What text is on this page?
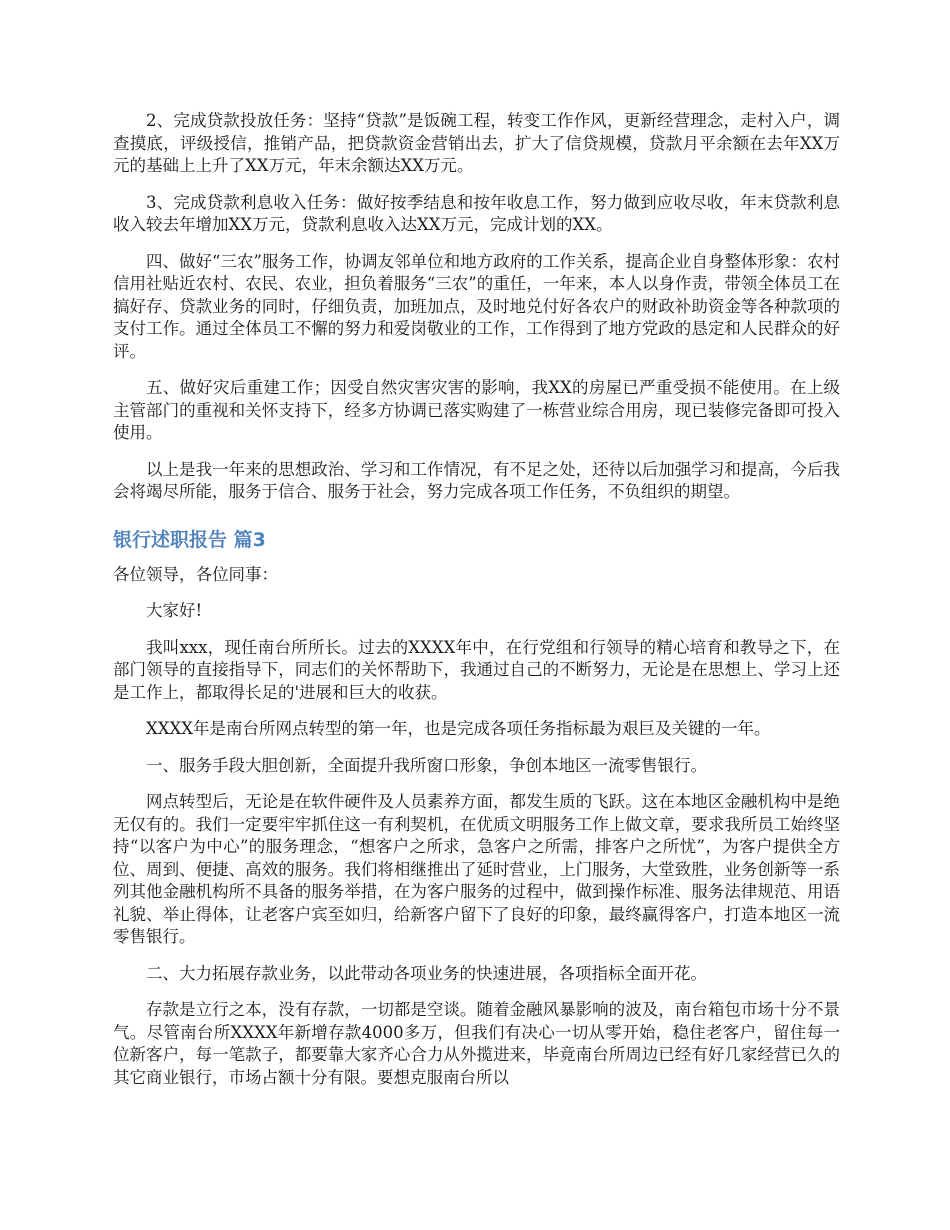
2、完成贷款投放任务：坚持“贷款”是饭碗工程，转变工作作风，更新经营理念，走村入户，调查摸底，评级授信，推销产品，把贷款资金营销出去，扩大了信贷规模，贷款月平余额在去年XX万元的基础上上升了XX万元，年末余额达XX万元。

3、完成贷款利息收入任务：做好按季结息和按年收息工作，努力做到应收尽收，年末贷款利息收入较去年增加XX万元，贷款利息收入达XX万元，完成计划的XX。

四、做好“三农”服务工作，协调友邻单位和地方政府的工作关系，提高企业自身整体形象：农村信用社贴近农村、农民、农业，担负着服务“三农”的重任，一年来，本人以身作责，带领全体员工在搞好存、贷款业务的同时，仔细负责，加班加点，及时地兑付好各农户的财政补助资金等各种款项的支付工作。通过全体员工不懈的努力和爱岗敬业的工作，工作得到了地方党政的恳定和人民群众的好评。

五、做好灾后重建工作；因受自然灾害灾害的影响，我XX的房屋已严重受损不能使用。在上级主管部门的重视和关怀支持下，经多方协调已落实购建了一栋营业综合用房，现已装修完备即可投入使用。

以上是我一年来的思想政治、学习和工作情况，有不足之处，还待以后加强学习和提高，今后我会将竭尽所能，服务于信合、服务于社会，努力完成各项工作任务，不负组织的期望。

银行述职报告 篇3

各位领导，各位同事：

大家好!

我叫xxx，现任南台所所长。过去的XXXX年中，在行党组和行领导的精心培育和教导之下，在部门领导的直接指导下，同志们的关怀帮助下，我通过自己的不断努力，无论是在思想上、学习上还是工作上，都取得长足的'进展和巨大的收获。

XXXX年是南台所网点转型的第一年，也是完成各项任务指标最为艰巨及关键的一年。

一、服务手段大胆创新，全面提升我所窗口形象，争创本地区一流零售银行。

网点转型后，无论是在软件硬件及人员素养方面，都发生质的飞跃。这在本地区金融机构中是绝无仅有的。我们一定要牢牢抓住这一有利契机，在优质文明服务工作上做文章，要求我所员工始终坚持“以客户为中心”的服务理念，“想客户之所求，急客户之所需，排客户之所忧”，为客户提供全方位、周到、便捷、高效的服务。我们将相继推出了延时营业，上门服务，大堂致胜，业务创新等一系列其他金融机构所不具备的服务举措，在为客户服务的过程中，做到操作标准、服务法律规范、用语礼貌、举止得体，让老客户宾至如归，给新客户留下了良好的印象，最终赢得客户，打造本地区一流零售银行。

二、大力拓展存款业务，以此带动各项业务的快速进展，各项指标全面开花。

存款是立行之本，没有存款，一切都是空谈。随着金融风暴影响的波及，南台箱包市场十分不景气。尽管南台所XXXX年新增存款4000多万，但我们有决心一切从零开始，稳住老客户，留住每一位新客户，每一笔款子，都要靠大家齐心合力从外揽进来，毕竟南台所周边已经有好几家经营已久的其它商业银行，市场占额十分有限。要想克服南台所以
